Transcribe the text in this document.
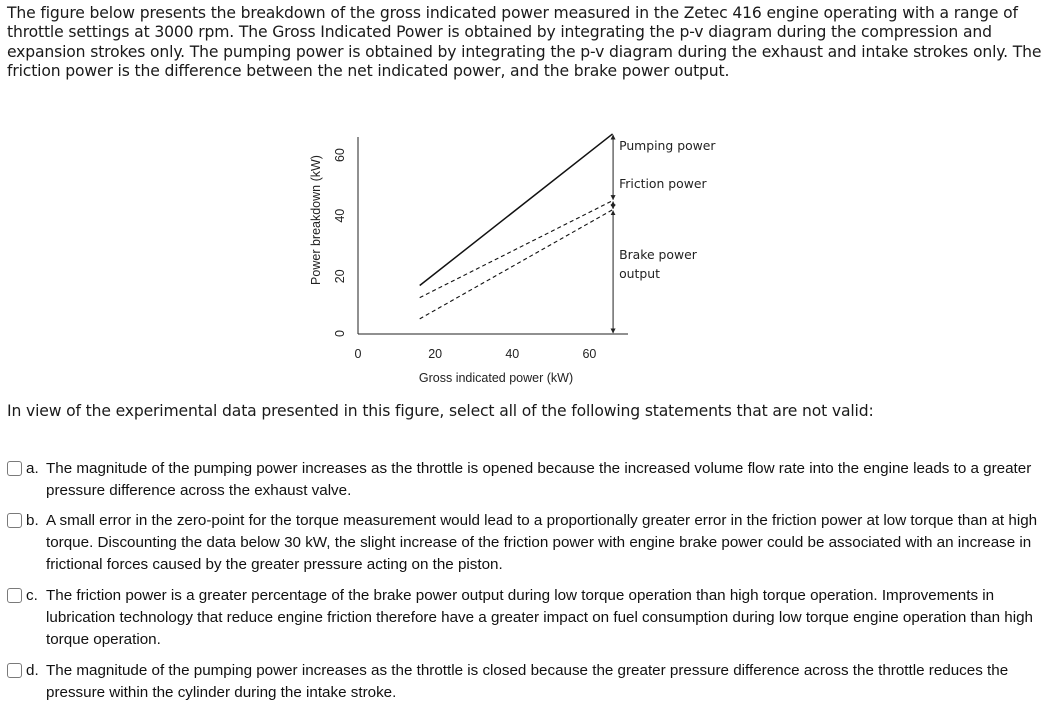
The figure below presents the breakdown of the gross indicated power measured in the Zetec 416 engine operating with a range of throttle settings at 3000 rpm. The Gross Indicated Power is obtained by integrating the p-v diagram during the compression and expansion strokes only. The pumping power is obtained by integrating the p-v diagram during the exhaust and intake strokes only. The friction power is the difference between the net indicated power, and the brake power output.

0	20	40	60
0
20
40
60
Pumping power
Friction power
Brake power
output
Gross indicated power (kW)
Power breakdown (kW)

In view of the experimental data presented in this figure, select all of the following statements that are not valid:

a. The magnitude of the pumping power increases as the throttle is opened because the increased volume flow rate into the engine leads to a greater pressure difference across the exhaust valve.
b. A small error in the zero-point for the torque measurement would lead to a proportionally greater error in the friction power at low torque than at high torque. Discounting the data below 30 kW, the slight increase of the friction power with engine brake power could be associated with an increase in frictional forces caused by the greater pressure acting on the piston.
c. The friction power is a greater percentage of the brake power output during low torque operation than high torque operation. Improvements in lubrication technology that reduce engine friction therefore have a greater impact on fuel consumption during low torque engine operation than high torque operation.
d. The magnitude of the pumping power increases as the throttle is closed because the greater pressure difference across the throttle reduces the pressure within the cylinder during the intake stroke.
